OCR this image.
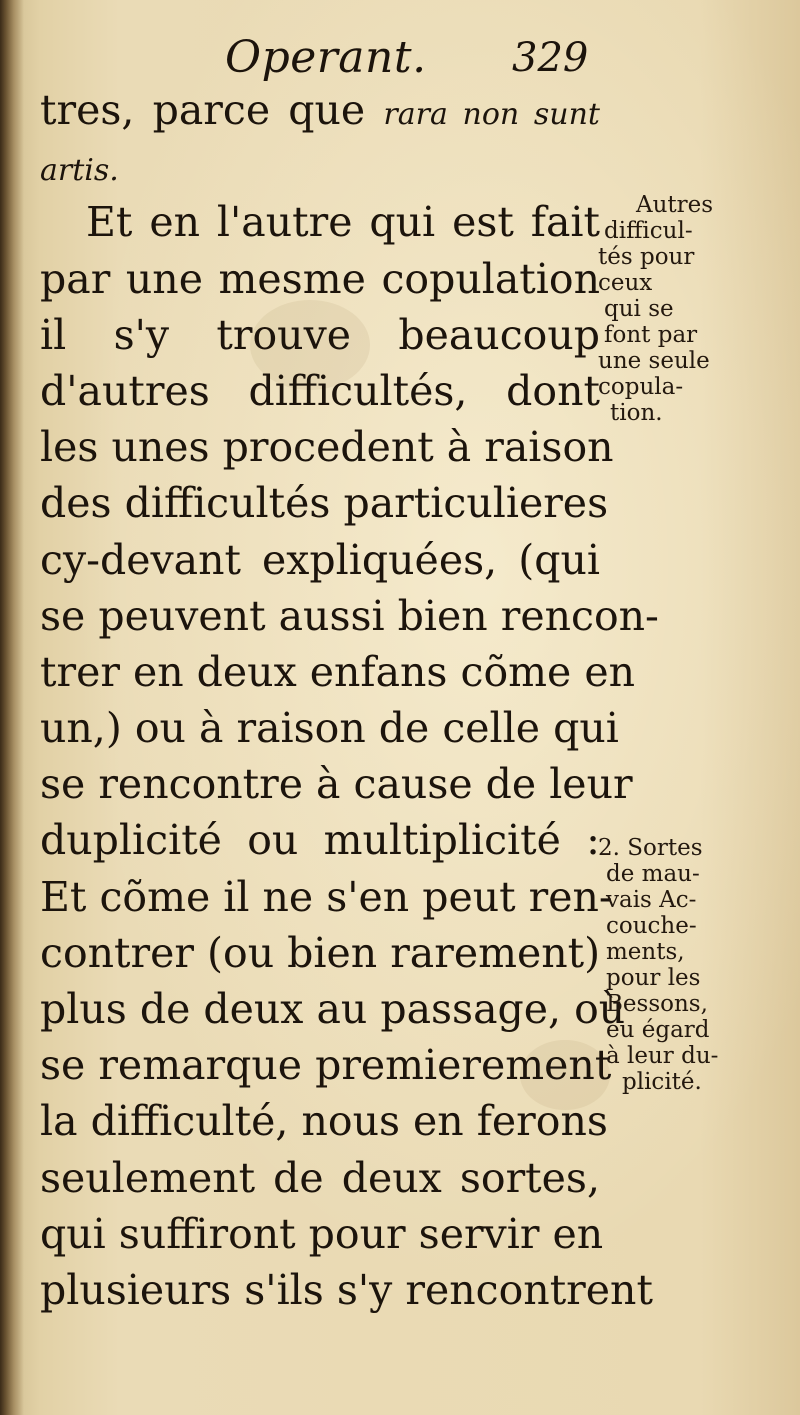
Operant. 329
tres, parce que rara non sunt
artis.
Et en l'autre qui est fait
par une mesme copulation
il s'y trouve beaucoup
d'autres difficultés, dont
les unes procedent à raison
des difficultés particulieres
cy-devant expliquées, (qui
se peuvent aussi bien rencon-
trer en deux enfans cõme en
un,) ou à raison de celle qui
se rencontre à cause de leur
duplicité ou multiplicité :
Et cõme il ne s'en peut ren-
contrer (ou bien rarement)
plus de deux au passage, où
se remarque premierement
la difficulté, nous en ferons
seulement de deux sortes,
qui suffiront pour servir en
plusieurs s'ils s'y rencontrent
Autres
difficul-
tés pour
ceux
qui se
font par
une seule
copula-
tion.
2. Sortes
de mau-
vais Ac-
couche-
ments,
pour les
Bessons,
eu égard
à leur du-
plicité.
